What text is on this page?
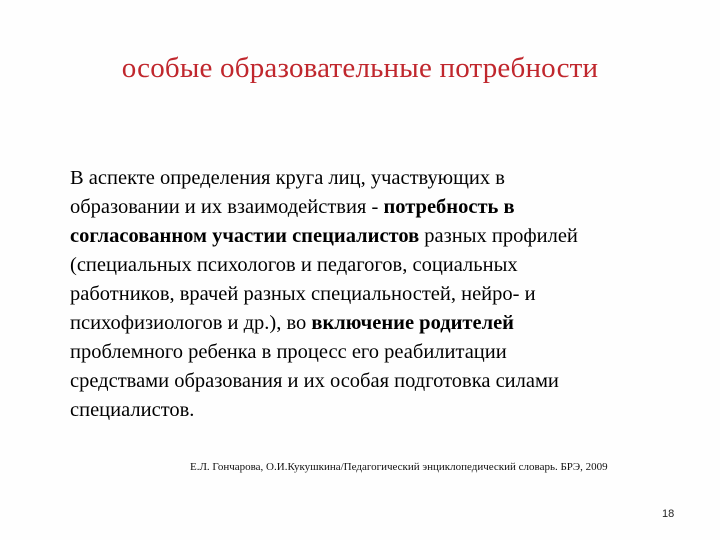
особые образовательные потребности
В аспекте определения круга лиц, участвующих в
образовании и их взаимодействия - потребность в
согласованном участии специалистов разных профилей
(специальных психологов и педагогов, социальных
работников, врачей разных специальностей, нейро- и
психофизиологов и др.), во включение родителей
проблемного ребенка в процесс его реабилитации
средствами образования и их особая подготовка силами
специалистов.
Е.Л. Гончарова, О.И.Кукушкина/Педагогический энциклопедический словарь. БРЭ, 2009
18
